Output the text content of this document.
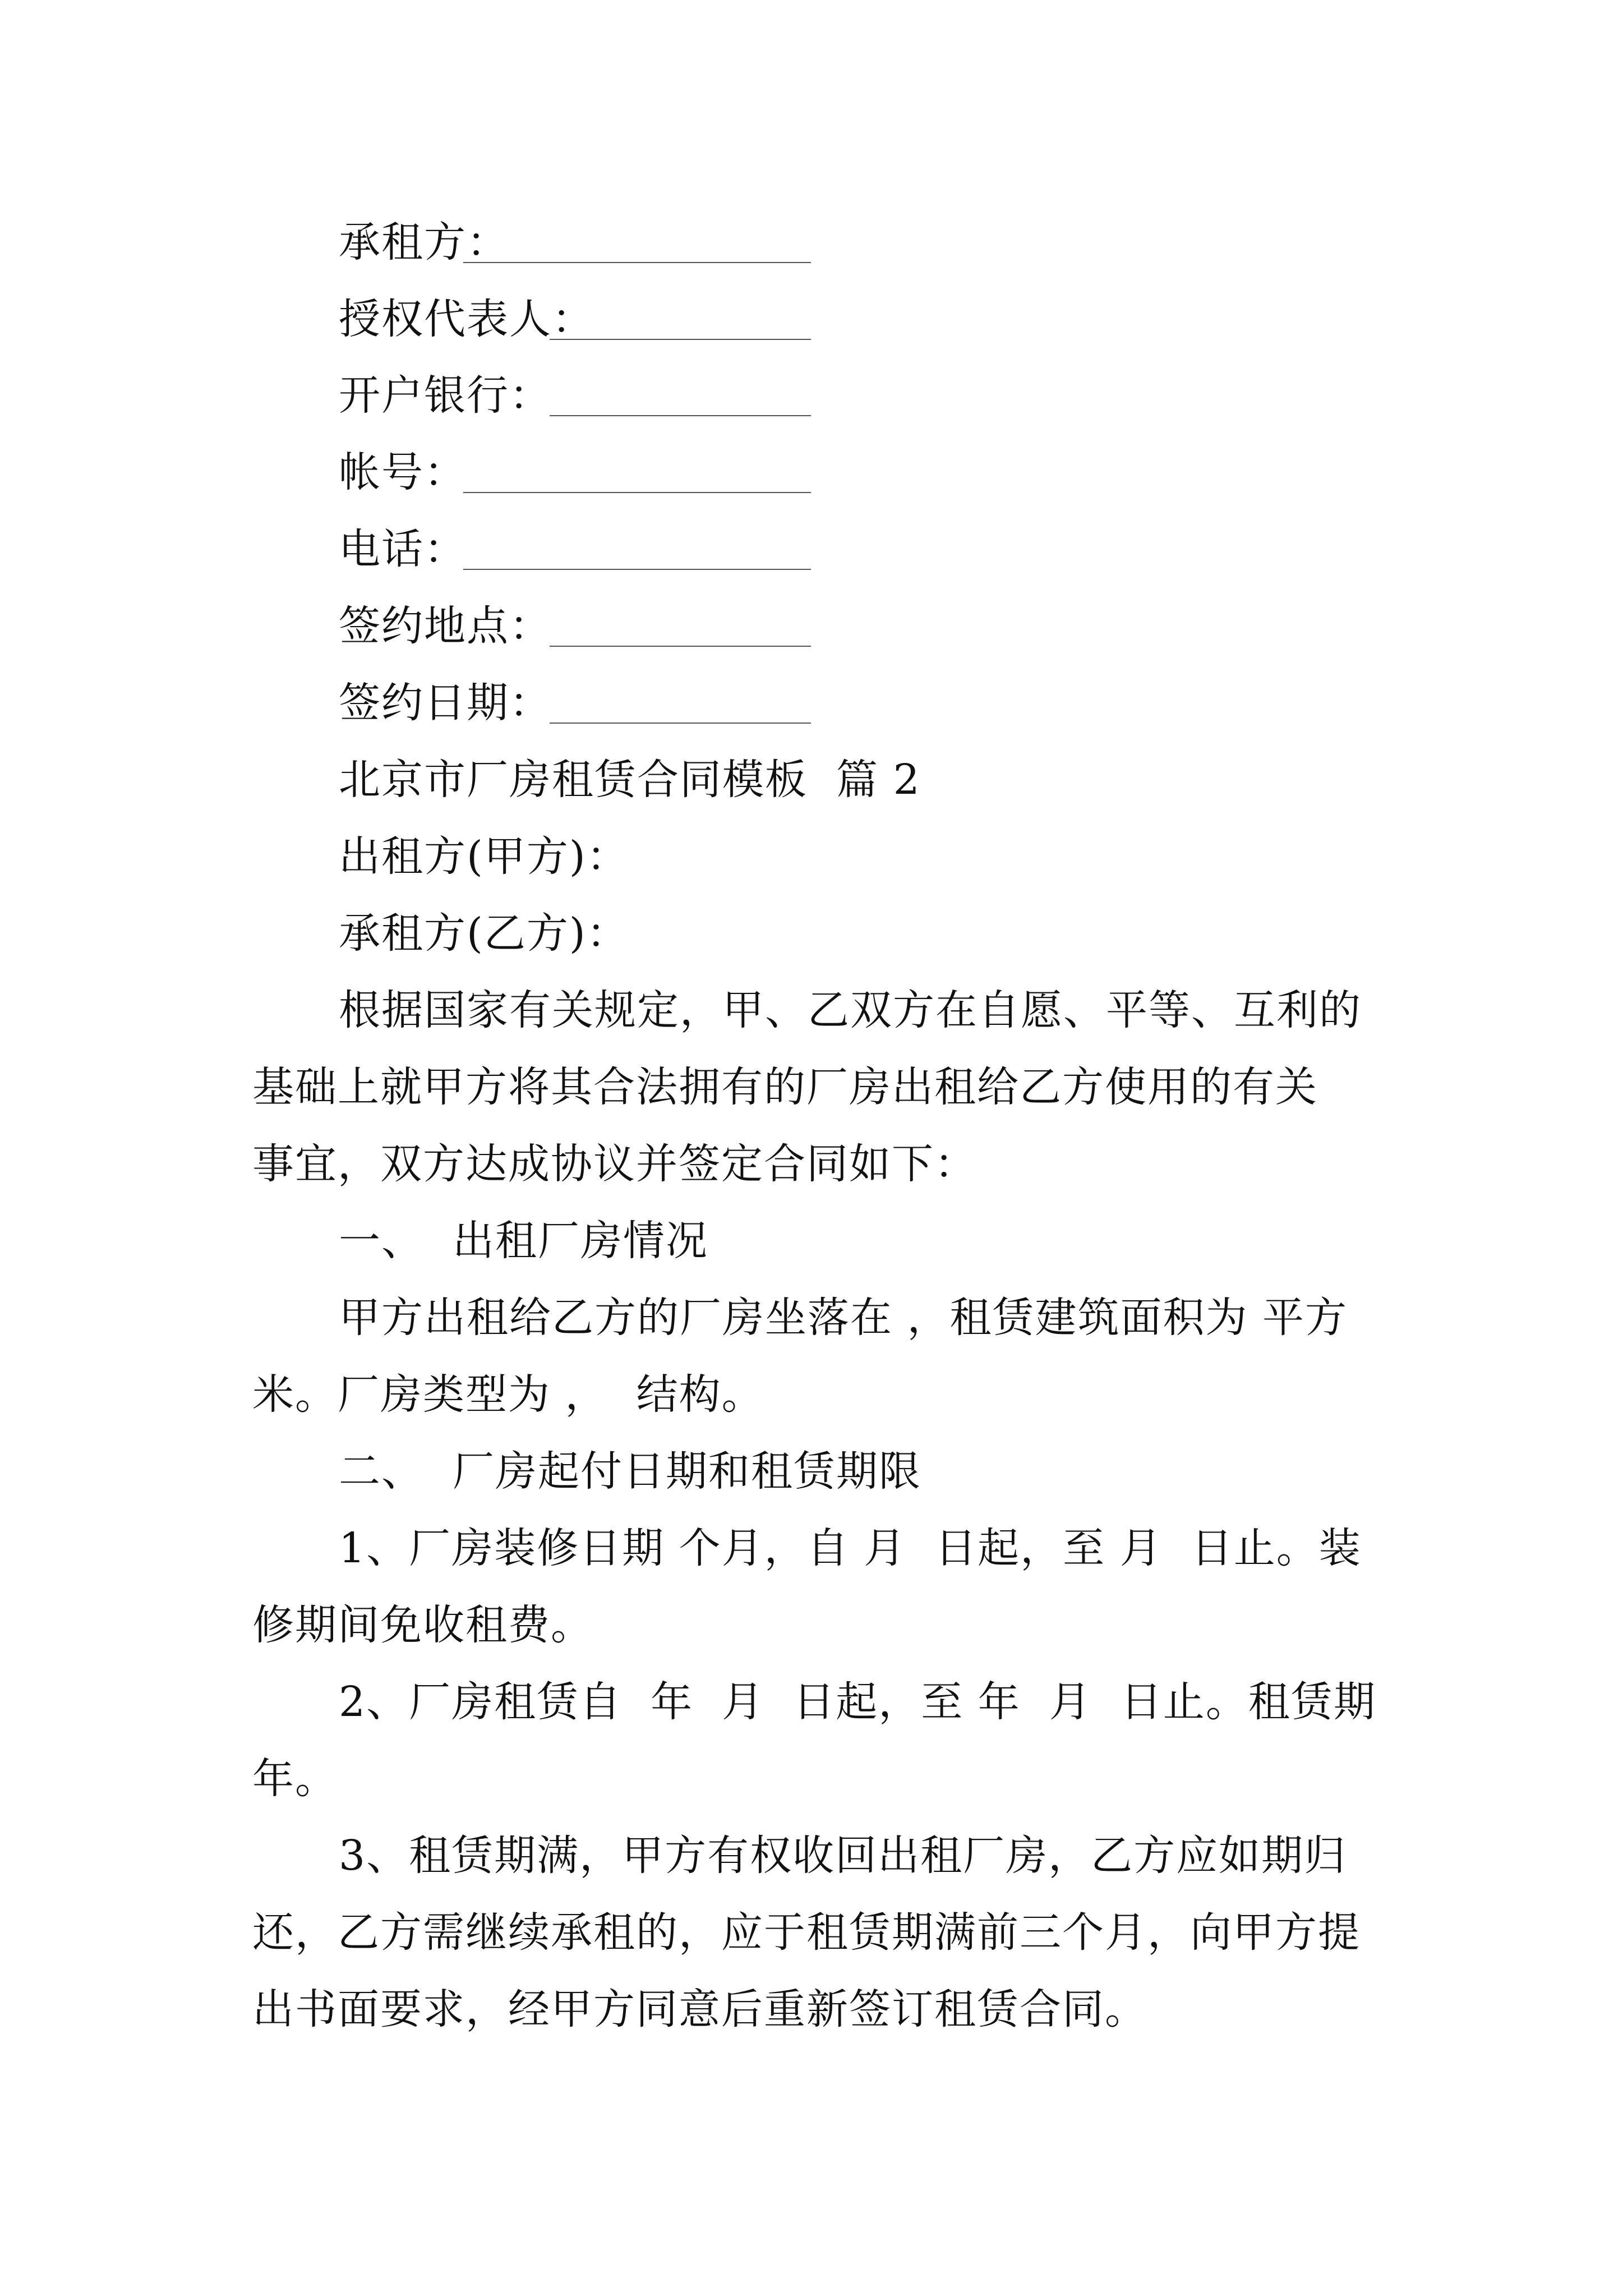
承租方：
授权代表人：
开户银行：
帐号：
电话：
签约地点：
签约日期：
北京市厂房租赁合同模板  篇 2
出租方(甲方)：
承租方(乙方)：
根据国家有关规定，甲、乙双方在自愿、平等、互利的
基础上就甲方将其合法拥有的厂房出租给乙方使用的有关
事宜，双方达成协议并签定合同如下：
一、  出租厂房情况
甲方出租给乙方的厂房坐落在 ，租赁建筑面积为 平方
米。厂房类型为 ，  结构。
二、  厂房起付日期和租赁期限
1、厂房装修日期 个月，自 月  日起，至 月  日止。装
修期间免收租费。
2、厂房租赁自  年  月  日起，至 年  月  日止。租赁期
年。
3、租赁期满，甲方有权收回出租厂房，乙方应如期归
还，乙方需继续承租的，应于租赁期满前三个月，向甲方提
出书面要求，经甲方同意后重新签订租赁合同。
